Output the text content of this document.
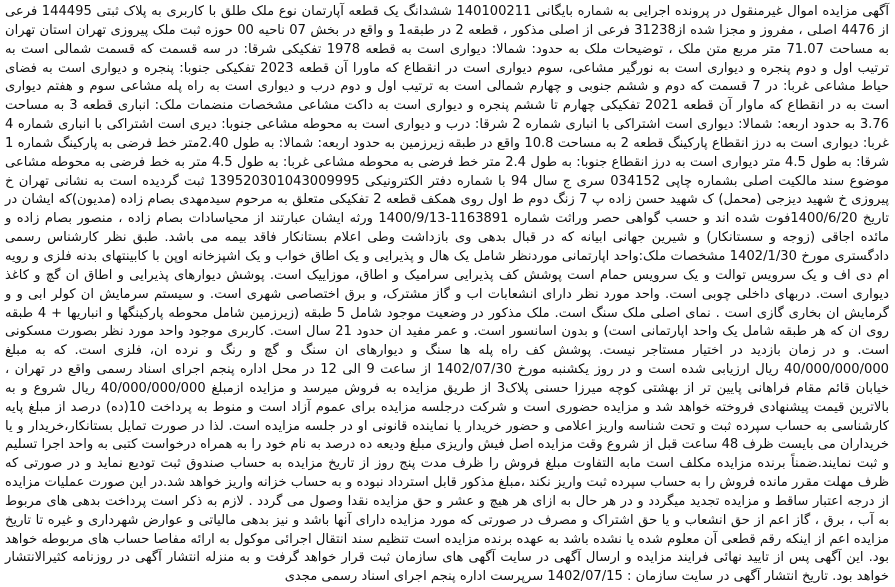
آگهی مزایده اموال غیرمنقول در پرونده اجرایی به شماره بایگانی 140100211 ششدانگ یک قطعه آپارتمان نوع ملک طلق با کاربری به پلاک ثبتی 144495 فرعی از 4476 اصلی ، مفروز و مجزا شده از31238 فرعی از اصلی مذکور ، قطعه 2 در طبقه1 و واقع در بخش 07 ناحیه 00 حوزه ثبت ملک پیروزی تهران استان تهران به مساحت 71.07 متر مربع متن ملک ، توضیحات ملک به حدود: شمالا: دیواری است به قطعه 1978 تفکیکی شرقا: در سه قسمت که قسمت شمالی است به ترتیب اول و دوم پنجره و دیواری است به نورگیر مشاعی، سوم دیواری است در انقطاع که ماورا آن قطعه 2023 تفکیکی جنوبا: پنجره و دیواری است به فضای حیاط مشاعی غربا: در 7 قسمت که دوم و ششم جنوبی و چهارم شمالی است به ترتیب اول و دوم درب و دیواری است به راه پله مشاعی سوم و هفتم دیواری است به در انقطاع که ماوار آن قطعه 2021 تفکیکی چهارم تا ششم پنجره و دیواری است به داکت مشاعی مشخصات منضمات ملک: انباری قطعه 3 به مساحت 3.76 به حدود اربعه: شمالا: دیواری است اشتراکی با انباری شماره 2 شرقا: درب و دیواری است به محوطه مشاعی جنوبا: دیری است اشتراکی با انباری شماره 4 غربا: دیواری است به درز انقطاع پارکینگ قطعه 2 به مساحت 10.8 واقع در طبقه زیرزمین به حدود اربعه: شمالا: به طول 2.40متر خط فرضی به پارکینگ شماره 1 شرقا: به طول 4.5 متر دیواری است به درز انقطاع جنوبا: به طول 2.4 متر خط فرضی به محوطه مشاعی غربا: به طول 4.5 متر به خط فرضی به محوطه مشاعی موضوع سند مالکیت اصلی بشماره چاپی 034152 سری ج سال 94 با شماره دفتر الکترونیکی 139520301043009995 ثبت گردیده است به نشانی تهران خ پیروزی خ شهید دیزجی (محمل) ک شهید حسن زاده پ 7 زنگ دوم ط اول روی همکف قطعه 2 تفکیکی متعلق به مرحوم سیدمهدی بصام زاده (مدیون)که ایشان در تاریخ 1400/6/20فوت شده اند و حسب گواهی حصر وراثت شماره 1163891-1400/9/13 ورثه ایشان عبارتند از محیاسادات بصام زاده ، منصور بصام زاده و مائده اجاقی (زوجه و سستانکار) و شیرین جهانی ابیانه که در قبال بدهی وی بازداشت وطی اعلام بستانکار فاقد بیمه می باشد. طبق نظر کارشناس رسمی دادگستری مورخ 1402/1/30 مشخصات ملک:واحد اپارتمانی موردنظر شامل یک هال و پذیرایی و یک اطاق خواب و یک اشپزخانه اوپن با کابینتهای بدنه فلزی و رویه ام دی اف و یک سرویس توالت و یک سرویس حمام است پوشش کف پذیرایی سرامیک و اطاق، موزاییک است. پوشش دیوارهای پذیرایی و اطاق ان گچ و کاغذ دیواری است. دربهای داخلی چوبی است. واحد مورد نظر دارای انشعابات اب و گاز مشترک، و برق اختصاصی شهری است. و سیستم سرمایش ان کولر ابی و و گرمایش ان بخاری گازی است . نمای اصلی ملک سنگ است. ملک مذکور در وضعیت موجود شامل 5 طبقه (زیرزمین شامل محوطه پارکینگها و انباریها + 4 طبقه روی ان که هر طبقه شامل یک واحد اپارتمانی است) و بدون اسانسور است. و عمر مفید ان حدود 21 سال است. کاربری موجود واحد مورد نظر بصورت مسکونی است. و در زمان بازدید در اختیار مستاجر نیست. پوشش کف راه پله ها سنگ و دیوارهای ان سنگ و گچ و رنگ و نرده ان، فلزی است. که به مبلغ 40/000/000/000 ریال ارزیابی شده است و در روز یکشنبه مورخ 1402/07/30 از ساعت 9 الی 12 در محل اداره پنجم اجرای اسناد رسمی واقع در تهران ، خیابان قائم مقام فراهانی پایین تر از بهشتی کوچه میرزا حسنی پلاک3 از طریق مزایده به فروش میرسد و مزایده ازمبلغ 40/000/000/000 ریال شروع و به بالاترین قیمت پیشنهادی فروخته خواهد شد و مزایده حضوری است و شرکت درجلسه مزایده برای عموم آزاد است و منوط به پرداخت 10(ده) درصد از مبلغ پایه کارشناسی به حساب سپرده ثبت و تحت شناسه واریز اعلامی و حضور خریدار یا نماینده قانونی او در جلسه مزایده است. لذا در صورت تمایل بستانکار،خریدار و یا خریداران می بایست ظرف 48 ساعت قبل از شروع وقت مزایده اصل فیش واریزی مبلغ ودیعه ده درصد به نام خود را به همراه درخواست کتبی به واحد اجرا تسلیم و ثبت نمایند.ضمناً برنده مزایده مکلف است مابه التفاوت مبلغ فروش را ظرف مدت پنج روز از تاریخ مزایده به حساب صندوق ثبت تودیع نماید و در صورتی که ظرف مهلت مقرر مانده فروش را به حساب سپرده ثبت واریز نکند ،مبلغ مذکور قابل استرداد نبوده و به حساب خزانه واریز خواهد شد.در این صورت عملیات مزایده از درجه اعتبار ساقط و مزایده تجدید میگردد و در هر حال به ازای هر هیچ و عشر و حق مزایده نقدا وصول می گردد . لازم به ذکر است پرداخت بدهی های مربوط به آب ، برق ، گاز اعم از حق انشعاب و یا حق اشتراک و مصرف در صورتی که مورد مزایده دارای آنها باشد و نیز بدهی مالیاتی و عوارض شهرداری و غیره تا تاریخ مزایده اعم از اینکه رقم قطعی آن معلوم شده یا نشده باشد به عهده برنده مزایده است تنظیم سند انتقال اجرائی موکول به ارائه مفاصا حساب های مربوطه خواهد بود. این آگهی پس از تایید نهائی فرایند مزایده و ارسال آگهی در سایت آگهی های سازمان ثبت قرار خواهد گرفت و به منزله انتشار آگهی در روزنامه کثیرالانتشار خواهد بود. تاریخ انتشار آگهی در سایت سازمان : 1402/07/15 سرپرست اداره پنجم اجرای اسناد رسمی مجدی
